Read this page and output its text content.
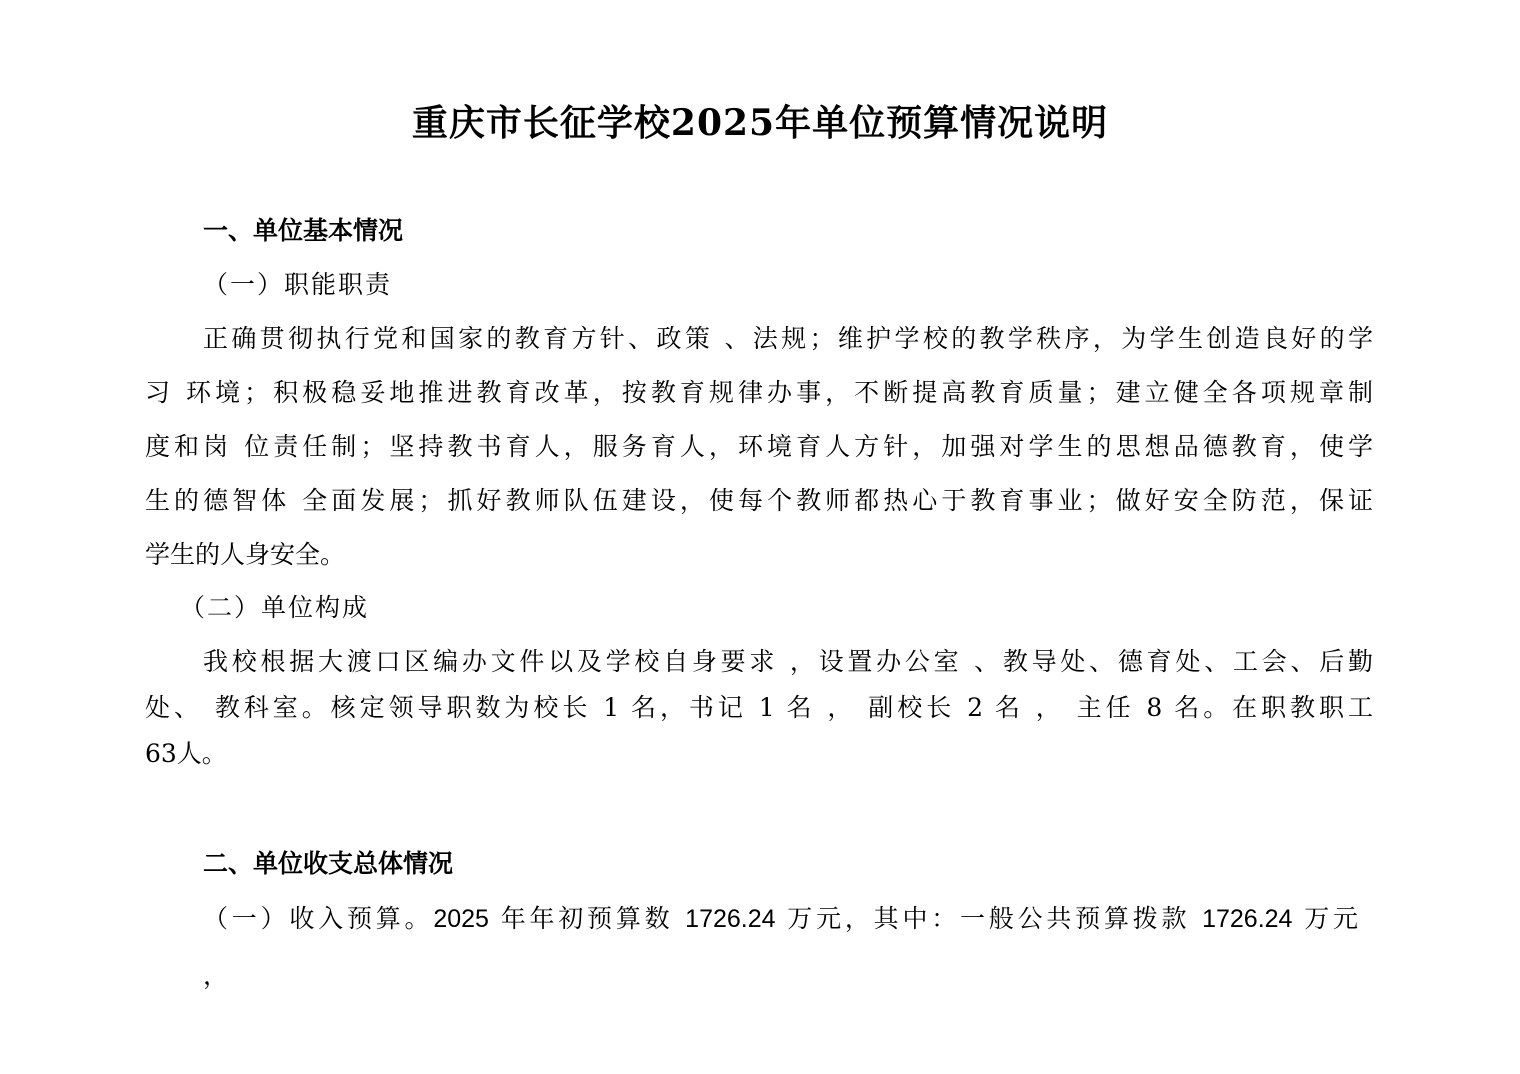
重庆市长征学校2025年单位预算情况说明
一、单位基本情况
（一）职能职责
正确贯彻执行党和国家的教育方针、政策 、法规；维护学校的教学秩序，为学生创造良好的学
习 环境；积极稳妥地推进教育改革，按教育规律办事，不断提高教育质量；建立健全各项规章制
度和岗 位责任制；坚持教书育人，服务育人，环境育人方针，加强对学生的思想品德教育，使学
生的德智体 全面发展；抓好教师队伍建设，使每个教师都热心于教育事业；做好安全防范，保证
学生的人身安全。
（二）单位构成
我校根据大渡口区编办文件以及学校自身要求 ，设置办公室 、教导处、德育处、工会、后勤
处、 教科室。核定领导职数为校长 1 名，书记 1 名 ， 副校长 2 名 ， 主任 8 名。在职教职工
63人。
二、单位收支总体情况
（一）收入预算。2025 年年初预算数 1726.24 万元，其中：一般公共预算拨款 1726.24 万元
，
